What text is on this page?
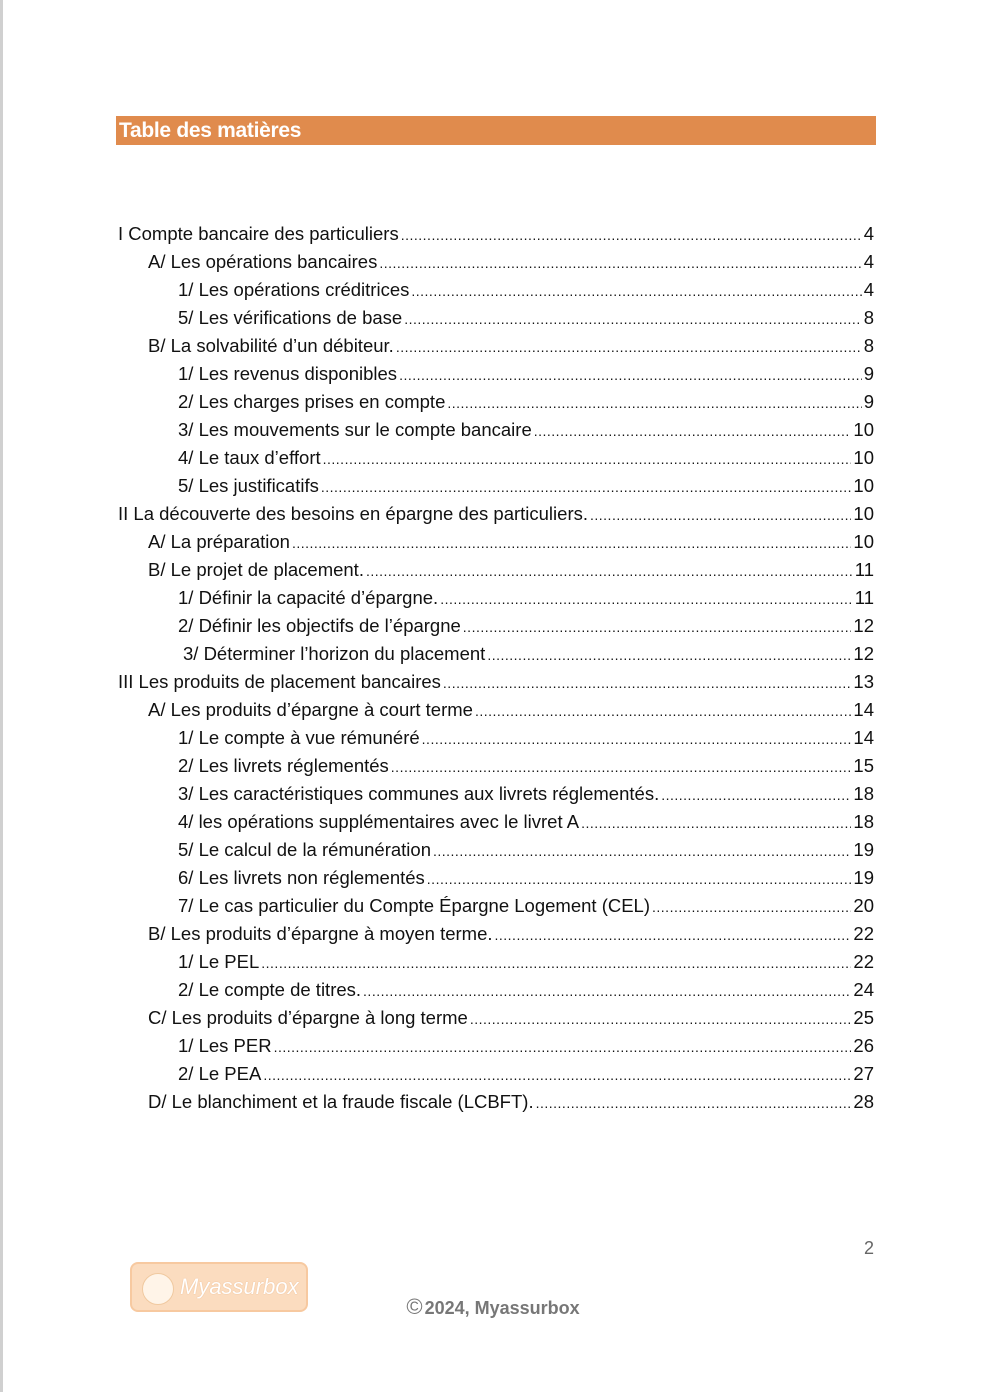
Table des matières
I Compte bancaire des particuliers .....	4
A/ Les opérations bancaires .....	4
1/ Les opérations créditrices .....	4
5/ Les vérifications de base .....	8
B/ La solvabilité d’un débiteur. .....	8
1/ Les revenus disponibles .....	9
2/ Les charges prises en compte .....	9
3/ Les mouvements sur le compte bancaire .....	10
4/ Le taux d’effort .....	10
5/ Les justificatifs .....	10
II La découverte des besoins en épargne des particuliers. .....	10
A/ La préparation .....	10
B/ Le projet de placement. .....	11
1/ Définir la capacité d’épargne. .....	11
2/ Définir les objectifs de l’épargne .....	12
3/ Déterminer l’horizon du placement .....	12
III Les produits de placement bancaires .....	13
A/ Les produits d’épargne à court terme .....	14
1/ Le compte à vue rémunéré .....	14
2/ Les livrets réglementés .....	15
3/ Les caractéristiques communes aux livrets réglementés. .....	18
4/ les opérations supplémentaires avec le livret A .....	18
5/ Le calcul de la rémunération .....	19
6/ Les livrets non réglementés .....	19
7/ Le cas particulier du Compte Épargne Logement (CEL) .....	20
B/ Les produits d’épargne à moyen terme. .....	22
1/ Le PEL .....	22
2/ Le compte de titres. .....	24
C/ Les produits d’épargne à long terme .....	25
1/ Les PER .....	26
2/ Le PEA .....	27
D/ Le blanchiment et la fraude fiscale (LCBFT). .....	28
2
Myassurbox
© 2024, Myassurbox
